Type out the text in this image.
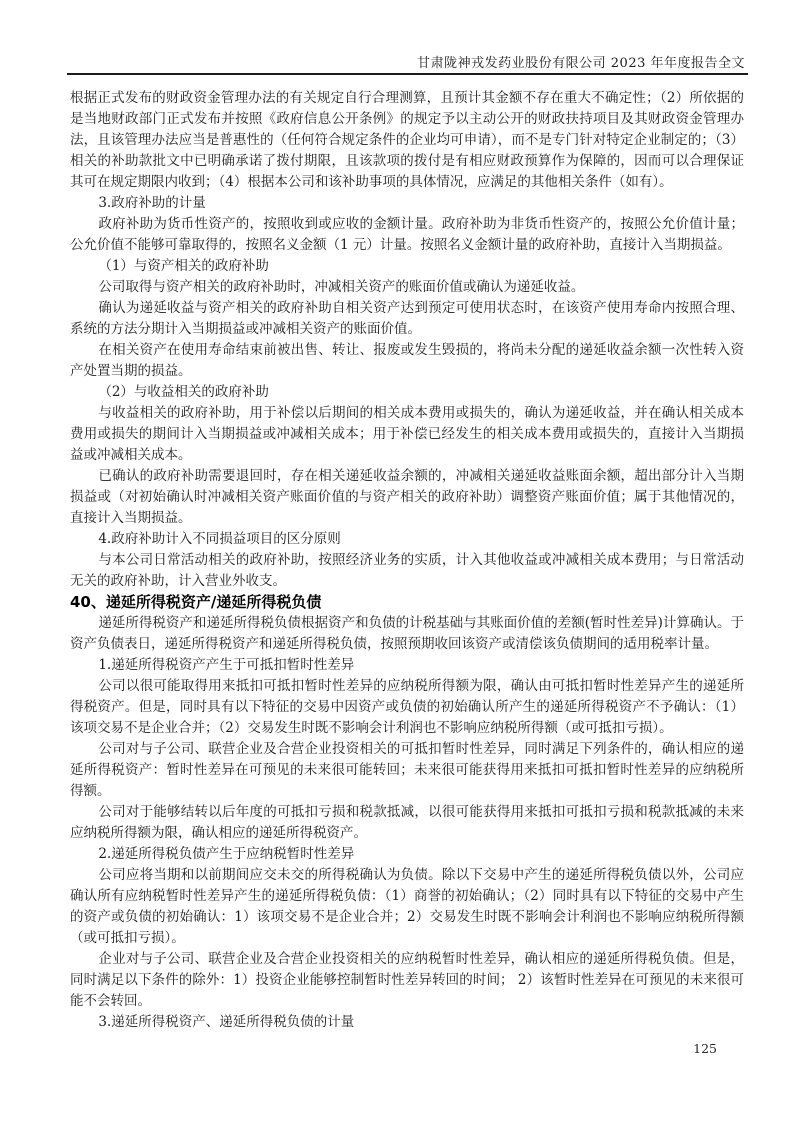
甘肃陇神戎发药业股份有限公司 2023 年年度报告全文

根据正式发布的财政资金管理办法的有关规定自行合理测算，且预计其金额不存在重大不确定性；（2）所依据的是当地财政部门正式发布并按照《政府信息公开条例》的规定予以主动公开的财政扶持项目及其财政资金管理办法，且该管理办法应当是普惠性的（任何符合规定条件的企业均可申请），而不是专门针对特定企业制定的；（3）相关的补助款批文中已明确承诺了拨付期限，且该款项的拨付是有相应财政预算作为保障的，因而可以合理保证其可在规定期限内收到；（4）根据本公司和该补助事项的具体情况，应满足的其他相关条件（如有）。

3.政府补助的计量

政府补助为货币性资产的，按照收到或应收的金额计量。政府补助为非货币性资产的，按照公允价值计量；公允价值不能够可靠取得的，按照名义金额（1 元）计量。按照名义金额计量的政府补助，直接计入当期损益。

（1）与资产相关的政府补助

公司取得与资产相关的政府补助时，冲减相关资产的账面价值或确认为递延收益。

确认为递延收益与资产相关的政府补助自相关资产达到预定可使用状态时，在该资产使用寿命内按照合理、系统的方法分期计入当期损益或冲减相关资产的账面价值。

在相关资产在使用寿命结束前被出售、转让、报废或发生毁损的，将尚未分配的递延收益余额一次性转入资产处置当期的损益。

（2）与收益相关的政府补助

与收益相关的政府补助，用于补偿以后期间的相关成本费用或损失的，确认为递延收益，并在确认相关成本费用或损失的期间计入当期损益或冲减相关成本；用于补偿已经发生的相关成本费用或损失的，直接计入当期损益或冲减相关成本。

已确认的政府补助需要退回时，存在相关递延收益余额的，冲减相关递延收益账面余额，超出部分计入当期损益或（对初始确认时冲减相关资产账面价值的与资产相关的政府补助）调整资产账面价值；属于其他情况的，直接计入当期损益。

4.政府补助计入不同损益项目的区分原则

与本公司日常活动相关的政府补助，按照经济业务的实质，计入其他收益或冲减相关成本费用；与日常活动无关的政府补助，计入营业外收支。

40、递延所得税资产/递延所得税负债

递延所得税资产和递延所得税负债根据资产和负债的计税基础与其账面价值的差额(暂时性差异)计算确认。于资产负债表日，递延所得税资产和递延所得税负债，按照预期收回该资产或清偿该负债期间的适用税率计量。

1.递延所得税资产产生于可抵扣暂时性差异

公司以很可能取得用来抵扣可抵扣暂时性差异的应纳税所得额为限，确认由可抵扣暂时性差异产生的递延所得税资产。但是，同时具有以下特征的交易中因资产或负债的初始确认所产生的递延所得税资产不予确认：（1）该项交易不是企业合并；（2）交易发生时既不影响会计利润也不影响应纳税所得额（或可抵扣亏损）。

公司对与子公司、联营企业及合营企业投资相关的可抵扣暂时性差异，同时满足下列条件的，确认相应的递延所得税资产：暂时性差异在可预见的未来很可能转回；未来很可能获得用来抵扣可抵扣暂时性差异的应纳税所得额。

公司对于能够结转以后年度的可抵扣亏损和税款抵减，以很可能获得用来抵扣可抵扣亏损和税款抵减的未来应纳税所得额为限，确认相应的递延所得税资产。

2.递延所得税负债产生于应纳税暂时性差异

公司应将当期和以前期间应交未交的所得税确认为负债。除以下交易中产生的递延所得税负债以外，公司应确认所有应纳税暂时性差异产生的递延所得税负债：（1）商誉的初始确认；（2）同时具有以下特征的交易中产生的资产或负债的初始确认：1）该项交易不是企业合并；2）交易发生时既不影响会计利润也不影响应纳税所得额（或可抵扣亏损）。

企业对与子公司、联营企业及合营企业投资相关的应纳税暂时性差异，确认相应的递延所得税负债。但是，同时满足以下条件的除外：1）投资企业能够控制暂时性差异转回的时间； 2）该暂时性差异在可预见的未来很可能不会转回。

3.递延所得税资产、递延所得税负债的计量

125
